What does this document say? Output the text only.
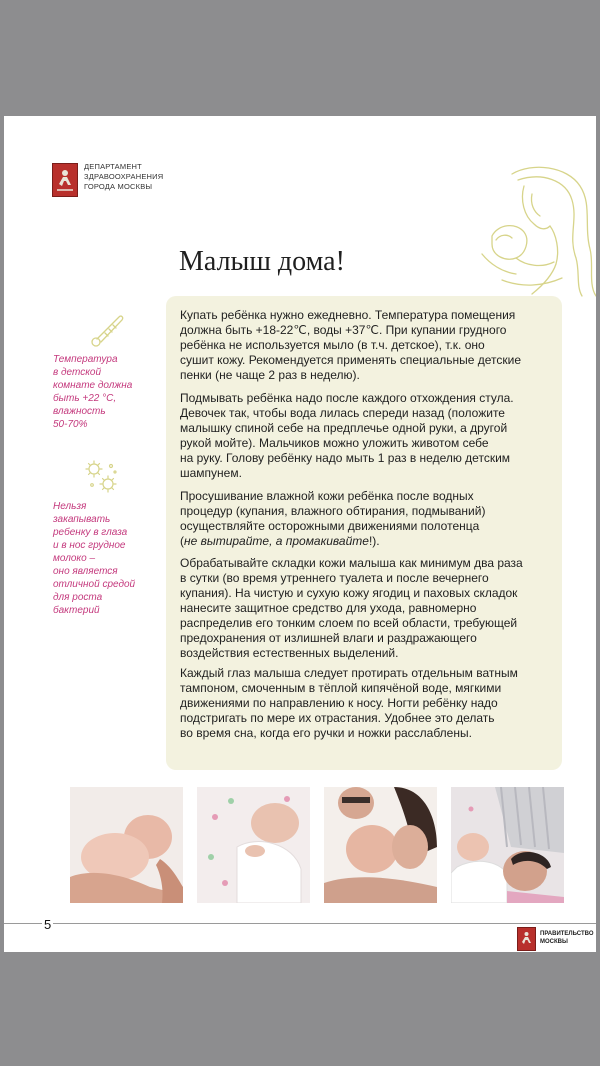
ДЕПАРТАМЕНТ
ЗДРАВООХРАНЕНИЯ
ГОРОДА МОСКВЫ
Малыш дома!
Температура
в детской
комнате должна
быть +22 °С,
влажность
50-70%
Нельзя
закапывать
ребенку в глаза
и в нос грудное
молоко –
оно является
отличной средой
для роста
бактерий
Купать ребёнка нужно ежедневно. Температура помещения
должна быть +18-22℃, воды +37℃. При купании грудного
ребёнка не используется мыло (в т.ч. детское), т.к. оно
сушит кожу. Рекомендуется применять специальные детские
пенки (не чаще 2 раз в неделю).
Подмывать ребёнка надо после каждого отхождения стула.
Девочек так, чтобы вода лилась спереди назад (положите
малышку спиной себе на предплечье одной руки, а другой
рукой мойте). Мальчиков можно уложить животом себе
на руку. Голову ребёнку надо мыть 1 раз в неделю детским
шампунем.
Просушивание влажной кожи ребёнка после водных
процедур (купания, влажного обтирания, подмываний)
осуществляйте осторожными движениями полотенца
(не вытирайте, а промакивайте!).
Обрабатывайте складки кожи малыша как минимум два раза
в сутки (во время утреннего туалета и после вечернего
купания). На чистую и сухую кожу ягодиц и паховых складок
нанесите защитное средство для ухода, равномерно
распределив его тонким слоем по всей области, требующей
предохранения от излишней влаги и раздражающего
воздействия естественных выделений.
Каждый глаз малыша следует протирать отдельным ватным
тампоном, смоченным в тёплой кипячёной воде, мягкими
движениями по направлению к носу. Ногти ребёнку надо
подстригать по мере их отрастания. Удобнее это делать
во время сна, когда его ручки и ножки расслаблены.
5
ПРАВИТЕЛЬСТВО
МОСКВЫ
